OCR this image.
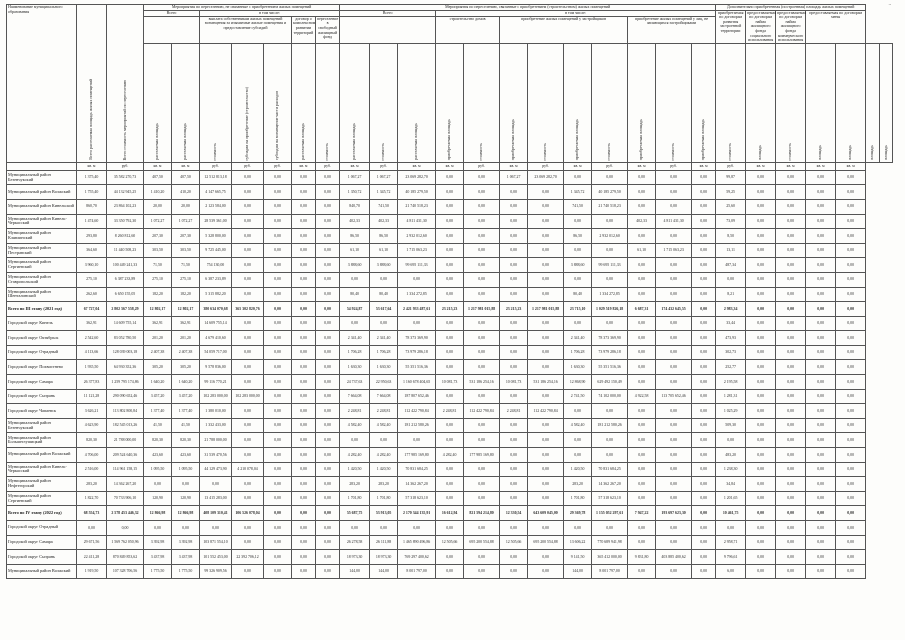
..
Наименование муниципального образования	Всего расселяемая площадь жилых помещений	Всего стоимость мероприятий по переселению	Мероприятия по переселению, не связанные с приобретением жилых помещений							Мероприятия по переселению, связанные с приобретением (строительством) жилых помещений												Дополнительно приобретенная (построенная) площадь жилых помещений						
			Всего		в том числе:					Всего			в том числе:									приобретаемая по договорам развития застроенной территории	предоставляемая по договорам найма жилищного фонда социального использования	предоставляемая по договорам найма жилищного фонда коммерческого использования	предоставляемая по договорам мены			
					выплата собственникам жилых помещений возмещения за изымаемые жилые помещения и предоставление субсидий			договор о комплексном развитии территорий	переселение в свободный жилищный фонд				строительство домов		приобретение жилых помещений у застройщиков				приобретение жилых помещений у лиц, не являющихся застройщиками									
			расселяемая площадь	расселяемая площадь	стоимость	субсидии на приобретение (строительство)	субсидии на возмещение части расходов	расселяемая площадь	стоимость	расселяемая площадь	стоимость	расселяемая площадь	приобретаемая площадь	стоимость	приобретаемая площадь	стоимость	приобретаемая площадь	стоимость	приобретаемая площадь	стоимость	приобретаемая площадь	стоимость	площадь	стоимость	площадь	площадь	площадь	площадь
	кв. м	руб.	кв. м	кв. м	руб.	руб.	руб.	кв. м	руб.	кв. м	руб.	кв. м	кв. м	руб.	кв. м	руб.	кв. м	руб.	кв. м	руб.	кв. м	руб.	кв. м	кв. м	кв. м	кв. м		
Муниципальный район Безенчукский	1 375,40	35 582 270,73	407,50	407,50	12 512 813,18	0,00	0,00	0,00	0,00	1 067,27	1 067,27	23 069 282,70	0,00	0,00	1 067,27	23 069 282,70	0,00	0,00	0,00	0,00	0,00	99,87	0,00	0,00	0,00	0,00		
Муниципальный район Волжский	1 755,40	44 132 945,25	1 410,20	410,20	4 147 665,75	0,00	0,00	0,00	0,00	1 350,72	1 345,72	40 185 279,50	0,00	0,00	0,00	0,00	1 345,72	40 185 279,50	0,00	0,00	0,00	59,25	0,00	0,00	0,00	0,00		
Муниципальный район Кинельский	860,70	23 864 102,23	20,00	20,00	2 123 584,00	0,00	0,00	0,00	0,00	840,70	741,50	21 740 518,23	0,00	0,00	0,00	0,00	741,50	21 740 518,23	0,00	0,00	0,00	25,60	0,00	0,00	0,00	0,00		
Муниципальный район Кинель-Черкасский	1 474,60	33 350 792,30	1 072,27	1 072,27	28 539 361,00	0,00	0,00	0,00	0,00	402,33	402,33	4 811 431,30	0,00	0,00	0,00	0,00	0,00	0,00	402,33	4 811 431,30	0,00	73,09	0,00	0,00	0,00	0,00		
Муниципальный район Клявлинский	293,80	8 260 812,60	207,30	207,30	5 328 800,00	0,00	0,00	0,00	0,00	86,50	86,50	2 932 012,60	0,00	0,00	0,00	0,00	86,50	2 932 012,60	0,00	0,00	0,00	8,50	0,00	0,00	0,00	0,00		
Муниципальный район Пестравский	364,60	11 440 508,23	303,50	303,50	9 725 445,00	0,00	0,00	0,00	0,00	61,10	61,10	1 715 063,23	0,00	0,00	0,00	0,00	0,00	0,00	61,10	1 715 063,23	0,00	13,11	0,00	0,00	0,00	0,00		
Муниципальный район Сергиевский	3 960,10	100 449 241,33	71,50	71,50	754 130,00	0,00	0,00	0,00	0,00	3 888,60	3 888,60	99 695 111,33	0,00	0,00	0,00	0,00	3 888,60	99 695 111,33	0,00	0,00	0,00	487,34	0,00	0,00	0,00	0,00		
Муниципальный район Ставропольский	275,10	6 387 233,89	275,10	275,10	6 387 233,89	0,00	0,00	0,00	0,00	0,00	0,00	0,00	0,00	0,00	0,00	0,00	0,00	0,00	0,00	0,00	0,00	0,00	0,00	0,00	0,00	0,00		
Муниципальный район Шенталинский	262,60	6 650 155,05	182,20	182,20	5 315 882,20	0,00	0,00	0,00	0,00	80,40	80,40	1 334 272,85	0,00	0,00	0,00	0,00	80,40	1 334 272,85	0,00	0,00	0,00	8,21	0,00	0,00	0,00	0,00		
Всего по III этапу (2021 год)	67 727,04	2 802 567 558,29	12 802,17	12 802,17	380 634 070,68	365 302 820,76	0,00	0,00	0,00	54 924,87	53 617,64	2 421 933 487,61	23 215,23	1 217 981 015,88	23 215,23	1 217 981 015,88	23 715,10	1 029 519 826,18	6 687,31	174 432 645,55	0,00	2 983,34	0,00	0,00	0,00	0,00		
Городской округ Кинель	362,91	14 609 755,14	362,91	362,91	14 609 755,14	0,00	0,00	0,00	0,00	0,00	0,00	0,00	0,00	0,00	0,00	0,00	0,00	0,00	0,00	0,00	0,00	33,44	0,00	0,00	0,00	0,00		
Городской округ Октябрьск	2 542,60	83 052 780,50	201,20	201,20	4 679 410,60	0,00	0,00	0,00	0,00	2 341,40	2 341,40	78 373 369,90	0,00	0,00	0,00	0,00	2 341,40	78 373 369,90	0,00	0,00	0,00	473,93	0,00	0,00	0,00	0,00		
Городской округ Отрадный	4 113,66	128 039 003,18	2 407,38	2 407,38	54 059 717,00	0,00	0,00	0,00	0,00	1 706,28	1 706,28	73 979 286,18	0,00	0,00	0,00	0,00	1 706,28	73 979 286,18	0,00	0,00	0,00	302,73	0,00	0,00	0,00	0,00		
Городской округ Похвистнево	1 935,50	64 930 352,36	305,20	305,20	9 578 836,00	0,00	0,00	0,00	0,00	1 630,30	1 630,30	55 351 516,36	0,00	0,00	0,00	0,00	1 630,30	55 351 516,36	0,00	0,00	0,00	252,77	0,00	0,00	0,00	0,00		
Городской округ Самара	26 377,83	1 259 795 174,86	1 640,20	1 640,20	99 116 770,21	0,00	0,00	0,00	0,00	24 737,63	22 950,63	1 160 678 404,65	10 081,73	531 186 254,16	10 081,73	531 186 254,16	12 868,90	629 492 150,49	0,00	0,00	0,00	2 195,58	0,00	0,00	0,00	0,00		
Городской округ Сызрань	11 121,28	290 090 652,46	3 457,20	3 457,20	102 283 000,00	102 283 000,00	0,00	0,00	0,00	7 664,08	7 664,08	187 807 652,46	0,00	0,00	0,00	0,00	2 741,50	74 102 000,00	4 922,58	113 705 652,46	0,00	1 281,31	0,00	0,00	0,00	0,00		
Городской округ Чапаевск	3 626,21	113 802 800,84	1 377,40	1 377,40	1 380 010,00	0,00	0,00	0,00	0,00	2 248,81	2 248,81	112 422 790,84	2 248,81	112 422 790,84	2 248,81	112 422 790,84	0,00	0,00	0,00	0,00	0,00	1 025,29	0,00	0,00	0,00	0,00		
Муниципальный район Безенчукский	4 623,90	182 545 013,26	41,50	41,50	1 332 433,00	0,00	0,00	0,00	0,00	4 582,40	4 582,40	181 212 580,26	0,00	0,00	0,00	0,00	4 582,40	181 212 580,26	0,00	0,00	0,00	509,30	0,00	0,00	0,00	0,00		
Муниципальный район Большеглушицкий	820,30	21 788 000,00	820,30	820,30	21 788 000,00	0,00	0,00	0,00	0,00	0,00	0,00	0,00	0,00	0,00	0,00	0,00	0,00	0,00	0,00	0,00	0,00	0,00	0,00	0,00	0,00	0,00		
Муниципальный район Волжский	4 706,00	209 524 640,36	423,60	423,60	31 539 470,56	0,00	0,00	0,00	0,00	4 282,40	4 282,40	177 985 169,80	4 282,40	177 985 169,80	0,00	0,00	0,00	0,00	0,00	0,00	0,00	483,20	0,00	0,00	0,00	0,00		
Муниципальный район Кинель-Черкасский	2 516,00	114 961 158,15	1 095,50	1 095,50	44 129 473,90	4 210 078,04	0,00	0,00	0,00	1 420,50	1 420,50	70 831 684,25	0,00	0,00	0,00	0,00	1 420,50	70 831 684,25	0,00	0,00	0,00	1 238,30	0,00	0,00	0,00	0,00		
Муниципальный район Нефтегорский	283,20	14 362 267,20	0,00	0,00	0,00	0,00	0,00	0,00	0,00	283,20	283,20	14 362 267,20	0,00	0,00	0,00	0,00	283,20	14 362 267,20	0,00	0,00	0,00	34,84	0,00	0,00	0,00	0,00		
Муниципальный район Сергиевский	1 822,70	70 733 906,10	120,90	120,90	13 415 283,00	0,00	0,00	0,00	0,00	1 701,80	1 701,80	57 318 623,10	0,00	0,00	0,00	0,00	1 701,80	57 318 623,10	0,00	0,00	0,00	1 201,65	0,00	0,00	0,00	0,00		
Всего по IV этапу (2022 год)	68 554,73	2 578 453 446,32	12 866,98	12 866,98	408 109 310,41	106 526 078,04	0,00	0,00	0,00	55 687,75	53 913,05	2 170 344 135,91	16 612,94	821 594 214,80	12 330,54	643 609 045,00	29 369,78	1 155 052 297,61	7 947,22	193 697 623,30	0,00	10 461,75	0,00	0,00	0,00	0,00		
Городской округ Отрадный	0,00	0,00	0,00	0,00	0,00	0,00	0,00	0,00	0,00	0,00	0,00	0,00	0,00	0,00	0,00	0,00	0,00	0,00	0,00	0,00	0,00	0,00	0,00	0,00	0,00	0,00		
Городской округ Самара	29 671,56	1 569 762 050,96	3 392,98	3 392,98	103 871 554,10	0,00	0,00	0,00	0,00	26 278,58	26 111,88	1 465 890 496,86	12 505,66	695 200 554,88	12 505,66	695 200 554,88	13 606,22	770 689 941,98	0,00	0,00	0,00	2 958,71	0,00	0,00	0,00	0,00		
Городской округ Сызрань	22 411,28	870 849 853,62	3 437,98	3 437,98	101 552 453,00	22 392 706,12	0,00	0,00	0,00	18 973,30	18 973,30	769 297 400,62	0,00	0,00	0,00	0,00	9 141,50	365 412 000,00	9 831,80	403 885 400,62	0,00	9 796,61	0,00	0,00	0,00	0,00		
Муниципальный район Волжский	1 919,50	107 328 706,56	1 775,50	1 775,50	99 326 909,56	0,00	0,00	0,00	0,00	144,00	144,00	8 001 797,00	0,00	0,00	0,00	0,00	144,00	8 001 797,00	0,00	0,00	0,00	6,00	0,00	0,00	0,00	0,00		
